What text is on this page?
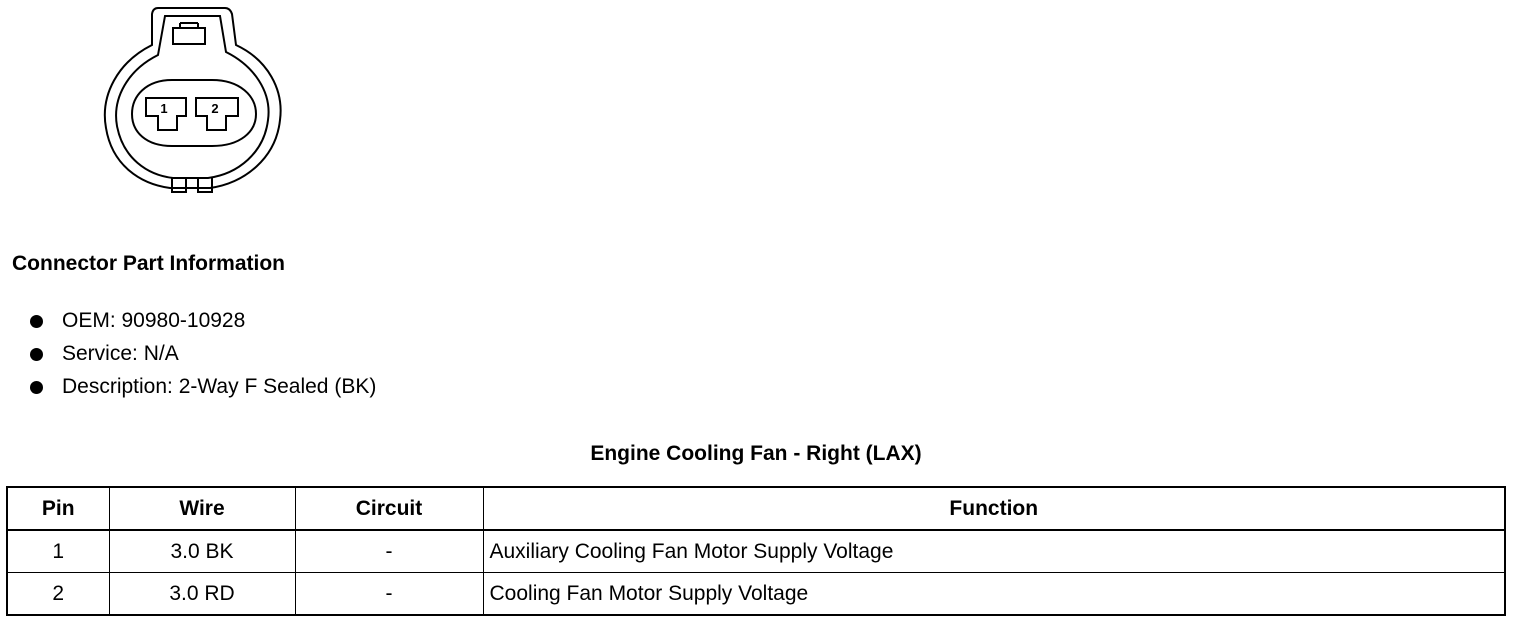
1	2
Connector Part Information
OEM: 90980-10928
Service: N/A
Description: 2-Way F Sealed (BK)
Engine Cooling Fan - Right (LAX)
Pin	Wire	Circuit	Function
1	3.0 BK	-	Auxiliary Cooling Fan Motor Supply Voltage
2	3.0 RD	-	Cooling Fan Motor Supply Voltage
